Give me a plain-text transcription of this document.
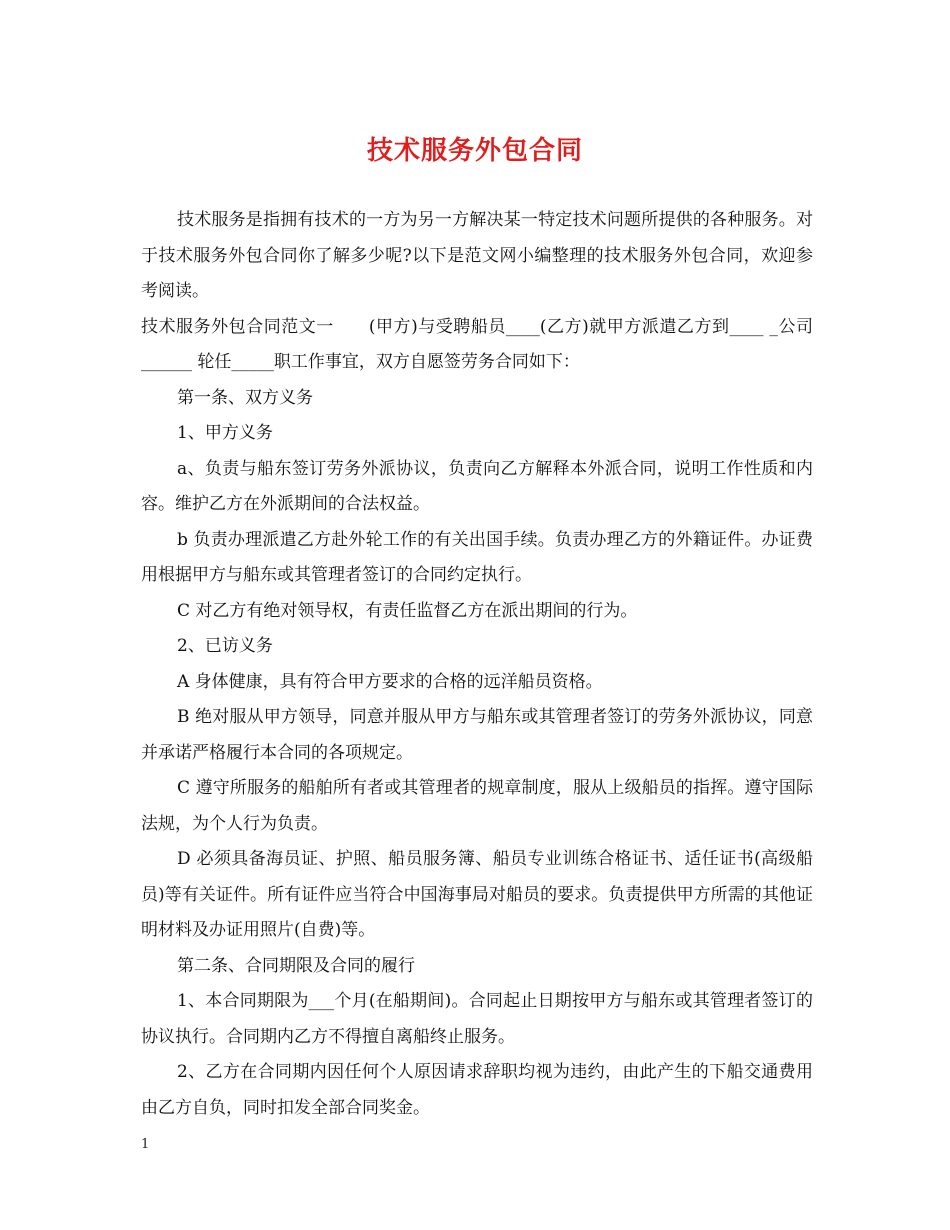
技术服务外包合同

技术服务是指拥有技术的一方为另一方解决某一特定技术问题所提供的各种服务。对于技术服务外包合同你了解多少呢?以下是范文网小编整理的技术服务外包合同，欢迎参考阅读。

技术服务外包合同范文一　　(甲方)与受聘船员____(乙方)就甲方派遣乙方到____ _公司______ 轮任_____职工作事宜，双方自愿签劳务合同如下：

第一条、双方义务

1、甲方义务

a、负责与船东签订劳务外派协议，负责向乙方解释本外派合同，说明工作性质和内容。维护乙方在外派期间的合法权益。

b 负责办理派遣乙方赴外轮工作的有关出国手续。负责办理乙方的外籍证件。办证费用根据甲方与船东或其管理者签订的合同约定执行。

C 对乙方有绝对领导权，有责任监督乙方在派出期间的行为。

2、已访义务

A 身体健康，具有符合甲方要求的合格的远洋船员资格。

B 绝对服从甲方领导，同意并服从甲方与船东或其管理者签订的劳务外派协议，同意并承诺严格履行本合同的各项规定。

C 遵守所服务的船舶所有者或其管理者的规章制度，服从上级船员的指挥。遵守国际法规，为个人行为负责。

D 必须具备海员证、护照、船员服务簿、船员专业训练合格证书、适任证书(高级船员)等有关证件。所有证件应当符合中国海事局对船员的要求。负责提供甲方所需的其他证明材料及办证用照片(自费)等。

第二条、合同期限及合同的履行

1、本合同期限为___个月(在船期间)。合同起止日期按甲方与船东或其管理者签订的协议执行。合同期内乙方不得擅自离船终止服务。

2、乙方在合同期内因任何个人原因请求辞职均视为违约，由此产生的下船交通费用由乙方自负，同时扣发全部合同奖金。

1
